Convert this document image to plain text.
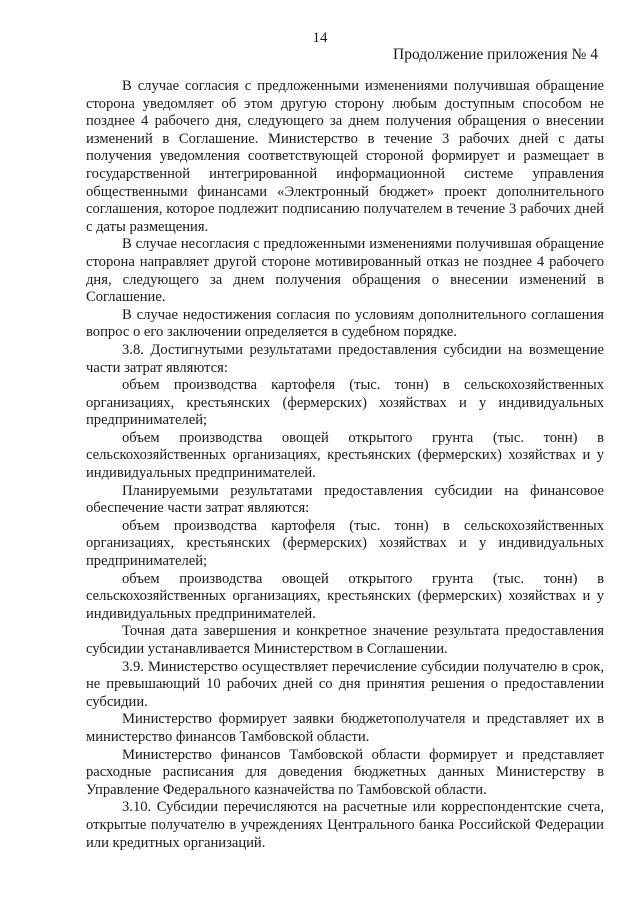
14
Продолжение приложения № 4

В случае согласия с предложенными изменениями получившая обращение сторона уведомляет об этом другую сторону любым доступным способом не позднее 4 рабочего дня, следующего за днем получения обращения о внесении изменений в Соглашение. Министерство в течение 3 рабочих дней с даты получения уведомления соответствующей стороной формирует и размещает в государственной интегрированной информационной системе управления общественными финансами «Электронный бюджет» проект дополнительного соглашения, которое подлежит подписанию получателем в течение 3 рабочих дней с даты размещения.

В случае несогласия с предложенными изменениями получившая обращение сторона направляет другой стороне мотивированный отказ не позднее 4 рабочего дня, следующего за днем получения обращения о внесении изменений в Соглашение.

В случае недостижения согласия по условиям дополнительного соглашения вопрос о его заключении определяется в судебном порядке.

3.8. Достигнутыми результатами предоставления субсидии на возмещение части затрат являются:

объем производства картофеля (тыс. тонн) в сельскохозяйственных организациях, крестьянских (фермерских) хозяйствах и у индивидуальных предпринимателей;

объем производства овощей открытого грунта (тыс. тонн) в сельскохозяйственных организациях, крестьянских (фермерских) хозяйствах и у индивидуальных предпринимателей.

Планируемыми результатами предоставления субсидии на финансовое обеспечение части затрат являются:

объем производства картофеля (тыс. тонн) в сельскохозяйственных организациях, крестьянских (фермерских) хозяйствах и у индивидуальных предпринимателей;

объем производства овощей открытого грунта (тыс. тонн) в сельскохозяйственных организациях, крестьянских (фермерских) хозяйствах и у индивидуальных предпринимателей.

Точная дата завершения и конкретное значение результата предоставления субсидии устанавливается Министерством в Соглашении.

3.9. Министерство осуществляет перечисление субсидии получателю в срок, не превышающий 10 рабочих дней со дня принятия решения о предоставлении субсидии.

Министерство формирует заявки бюджетополучателя и представляет их в министерство финансов Тамбовской области.

Министерство финансов Тамбовской области формирует и представляет расходные расписания для доведения бюджетных данных Министерству в Управление Федерального казначейства по Тамбовской области.

3.10. Субсидии перечисляются на расчетные или корреспондентские счета, открытые получателю в учреждениях Центрального банка Российской Федерации или кредитных организаций.
